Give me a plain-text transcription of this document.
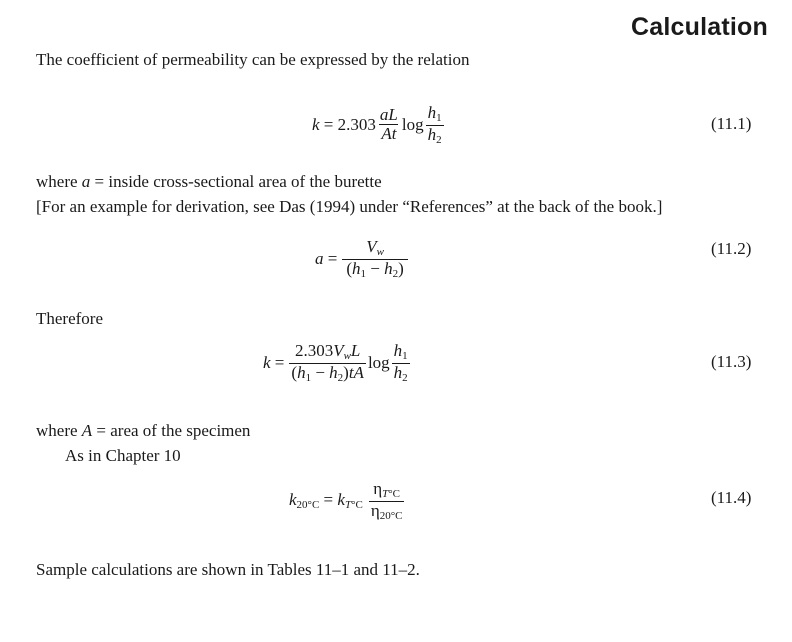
Calculation
The coefficient of permeability can be expressed by the relation
$k = 2.303 \frac{aL}{At}$ $\log \frac{h_1}{h_2}$	(11.1)
where a = inside cross-sectional area of the burette
[For an example for derivation, see Das (1994) under “References” at the back of the book.]
$a = \frac{V_w}{(h_1 - h_2)}$	(11.2)
Therefore
$k = \frac{2.303V_wL}{(h_1 - h_2)tA}$ $\log \frac{h_1}{h_2}$	(11.3)
where A = area of the specimen
As in Chapter 10
$k_{20^\circ C} = k_{T^\circ C} \frac{\eta_{T^\circ C}}{\eta_{20^\circ C}}$	(11.4)
Sample calculations are shown in Tables 11–1 and 11–2.
